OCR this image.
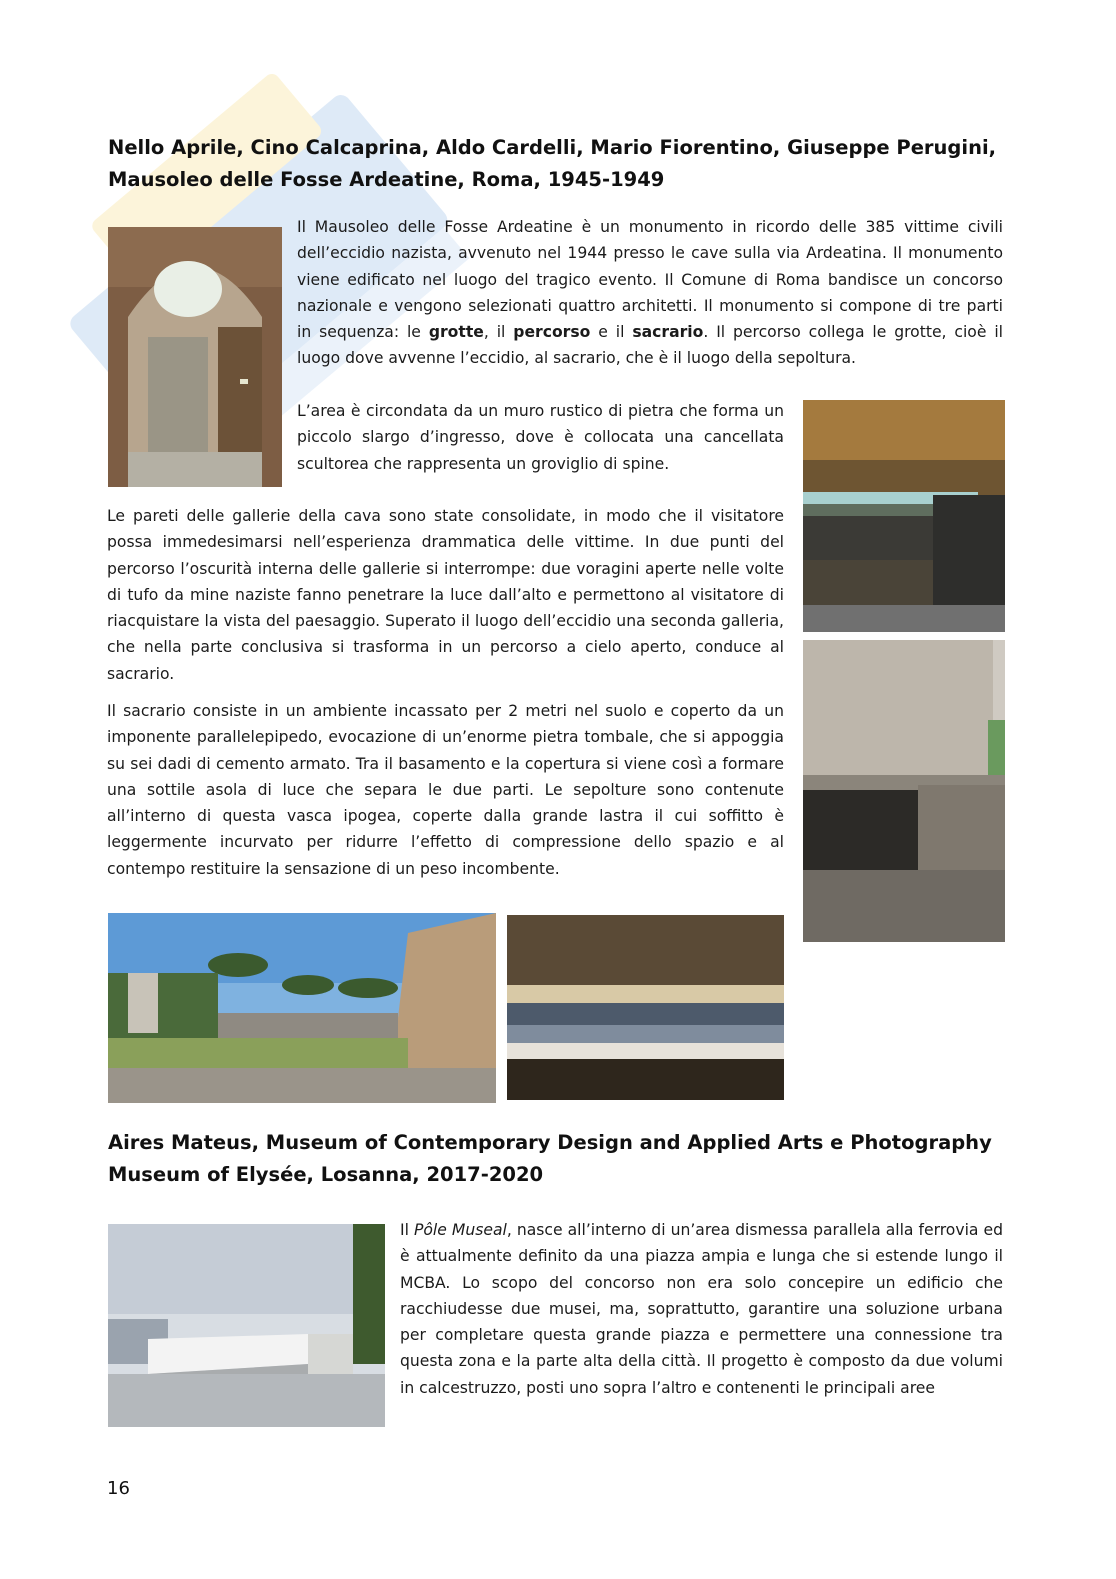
Nello Aprile, Cino Calcaprina, Aldo Cardelli, Mario Fiorentino, Giuseppe Perugini,
Mausoleo delle Fosse Ardeatine, Roma, 1945-1949

Il Mausoleo delle Fosse Ardeatine è un monumento in ricordo delle 385 vittime civili dell’eccidio nazista, avvenuto nel 1944 presso le cave sulla via Ardeatina. Il monumento viene edificato nel luogo del tragico evento. Il Comune di Roma bandisce un concorso nazionale e vengono selezionati quattro architetti. Il monumento si compone di tre parti in sequenza: le grotte, il percorso e il sacrario. Il percorso collega le grotte, cioè il luogo dove avvenne l’eccidio, al sacrario, che è il luogo della sepoltura.

L’area è circondata da un muro rustico di pietra che forma un piccolo slargo d’ingresso, dove è collocata una cancellata scultorea che rappresenta un groviglio di spine.

Le pareti delle gallerie della cava sono state consolidate, in modo che il visitatore possa immedesimarsi nell’esperienza drammatica delle vittime. In due punti del percorso l’oscurità interna delle gallerie si interrompe: due voragini aperte nelle volte di tufo da mine naziste fanno penetrare la luce dall’alto e permettono al visitatore di riacquistare la vista del paesaggio. Superato il luogo dell’eccidio una seconda galleria, che nella parte conclusiva si trasforma in un percorso a cielo aperto, conduce al sacrario.

Il sacrario consiste in un ambiente incassato per 2 metri nel suolo e coperto da un imponente parallelepipedo, evocazione di un’enorme pietra tombale, che si appoggia su sei dadi di cemento armato. Tra il basamento e la copertura si viene così a formare una sottile asola di luce che separa le due parti. Le sepolture sono contenute all’interno di questa vasca ipogea, coperte dalla grande lastra il cui soffitto è leggermente incurvato per ridurre l’effetto di compressione dello spazio e al contempo restituire la sensazione di un peso incombente.

Aires Mateus, Museum of Contemporary Design and Applied Arts e Photography
Museum of Elysée, Losanna, 2017-2020

Il Pôle Museal, nasce all’interno di un’area dismessa parallela alla ferrovia ed è attualmente definito da una piazza ampia e lunga che si estende lungo il MCBA. Lo scopo del concorso non era solo concepire un edificio che racchiudesse due musei, ma, soprattutto, garantire una soluzione urbana per completare questa grande piazza e permettere una connessione tra questa zona e la parte alta della città. Il progetto è composto da due volumi in calcestruzzo, posti uno sopra l’altro e contenenti le principali aree

16
